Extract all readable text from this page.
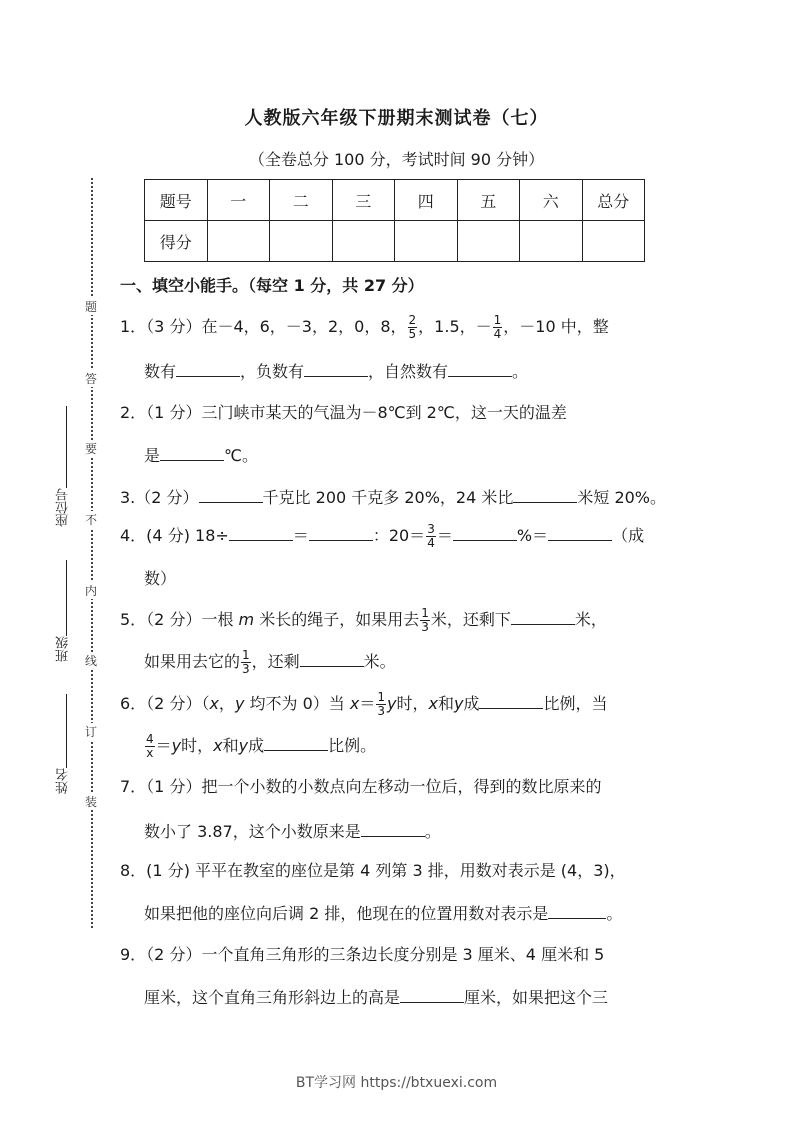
人教版六年级下册期末测试卷（七）
（全卷总分 100 分，考试时间 90 分钟）
题号	一	二	三	四	五	六	总分
得分							
题
答
要
不
内
线
订
装
座位号
班级
姓名
一、填空小能手。（每空 1 分，共 27 分）
1．（3 分）在－4，6，－3，2，0，8， $\frac{2}{5}$ ，1.5，－ $\frac{1}{4}$ ，－10 中，整
数有	，负数有	，自然数有	。
2．（1 分）三门峡市某天的气温为－8℃到 2℃，这一天的温差
是	℃。
3.（2 分）	千克比 200 千克多 20%，24 米比	米短 20%。
4．(4 分) 18÷	＝	：$20= \frac{3}{4}$ ＝	%＝	（成
数）
5．（2 分）一根 m 米长的绳子，如果用去 $\frac{1}{3}$ 米，还剩下	米，
如果用去它的 $\frac{1}{3}$ ，还剩	米。
6．（2 分）（x，y 均不为 0）当 $x= \frac{1}{3}$ y时，x和y成	比例，当
$\frac{4}{x} =y$时，x和y成	比例。
7．（1 分）把一个小数的小数点向左移动一位后，得到的数比原来的
数小了 3.87，这个小数原来是	。
8．(1 分) 平平在教室的座位是第 4 列第 3 排，用数对表示是 (4，3)，
如果把他的座位向后调 2 排，他现在的位置用数对表示是	。
9．（2 分）一个直角三角形的三条边长度分别是 3 厘米、4 厘米和 5
厘米，这个直角三角形斜边上的高是	厘米，如果把这个三
BT学习网 https://btxuexi.com
